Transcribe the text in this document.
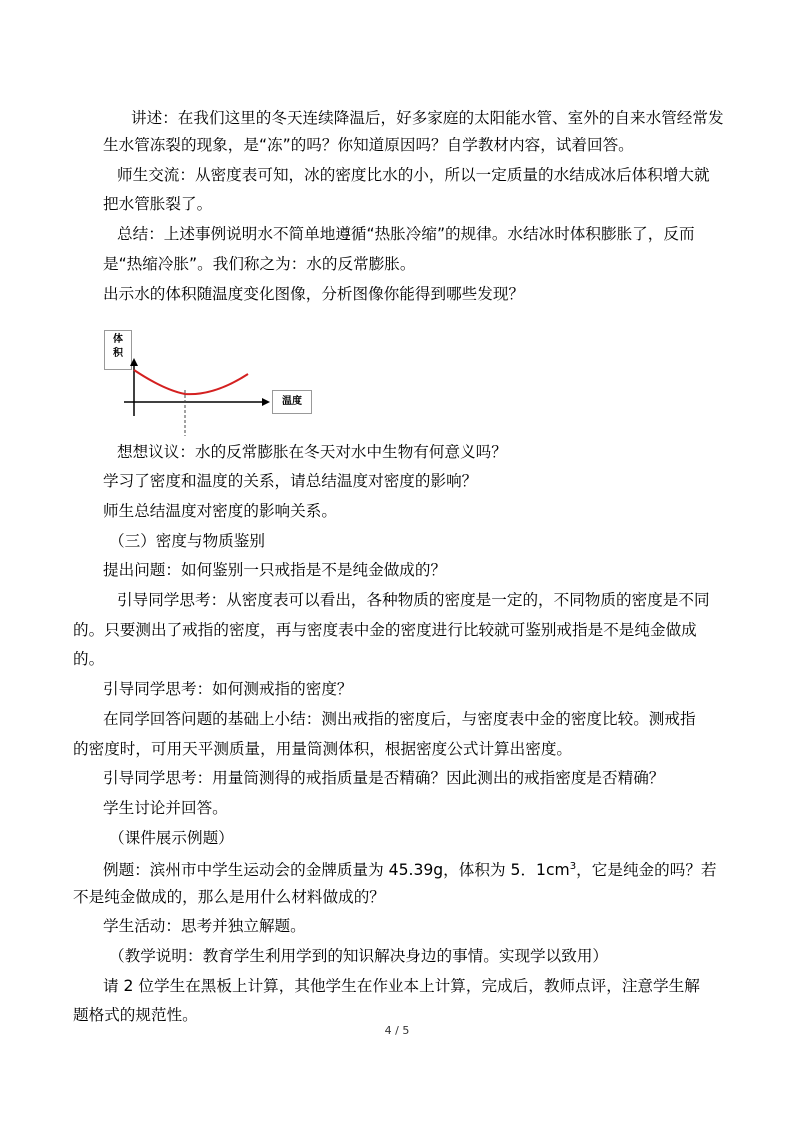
讲述：在我们这里的冬天连续降温后，好多家庭的太阳能水管、室外的自来水管经常发
生水管冻裂的现象，是“冻”的吗？你知道原因吗？自学教材内容，试着回答。
师生交流：从密度表可知，冰的密度比水的小，所以一定质量的水结成冰后体积增大就
把水管胀裂了。
总结：上述事例说明水不简单地遵循“热胀冷缩”的规律。水结冰时体积膨胀了，反而
是“热缩冷胀”。我们称之为：水的反常膨胀。
出示水的体积随温度变化图像，分析图像你能得到哪些发现？
体
积
温度
想想议议：水的反常膨胀在冬天对水中生物有何意义吗？
学习了密度和温度的关系，请总结温度对密度的影响？
师生总结温度对密度的影响关系。
（三）密度与物质鉴别
提出问题：如何鉴别一只戒指是不是纯金做成的？
引导同学思考：从密度表可以看出，各种物质的密度是一定的，不同物质的密度是不同
的。只要测出了戒指的密度，再与密度表中金的密度进行比较就可鉴别戒指是不是纯金做成
的。
引导同学思考：如何测戒指的密度？
在同学回答问题的基础上小结：测出戒指的密度后，与密度表中金的密度比较。测戒指
的密度时，可用天平测质量，用量筒测体积，根据密度公式计算出密度。
引导同学思考：用量筒测得的戒指质量是否精确？因此测出的戒指密度是否精确？
学生讨论并回答。
（课件展示例题）
例题：滨州市中学生运动会的金牌质量为 45.39g，体积为 5．$1cm^3$，它是纯金的吗？若
不是纯金做成的，那么是用什么材料做成的？
学生活动：思考并独立解题。
（教学说明：教育学生利用学到的知识解决身边的事情。实现学以致用）
请 2 位学生在黑板上计算，其他学生在作业本上计算，完成后，教师点评，注意学生解
题格式的规范性。
4 / 5
